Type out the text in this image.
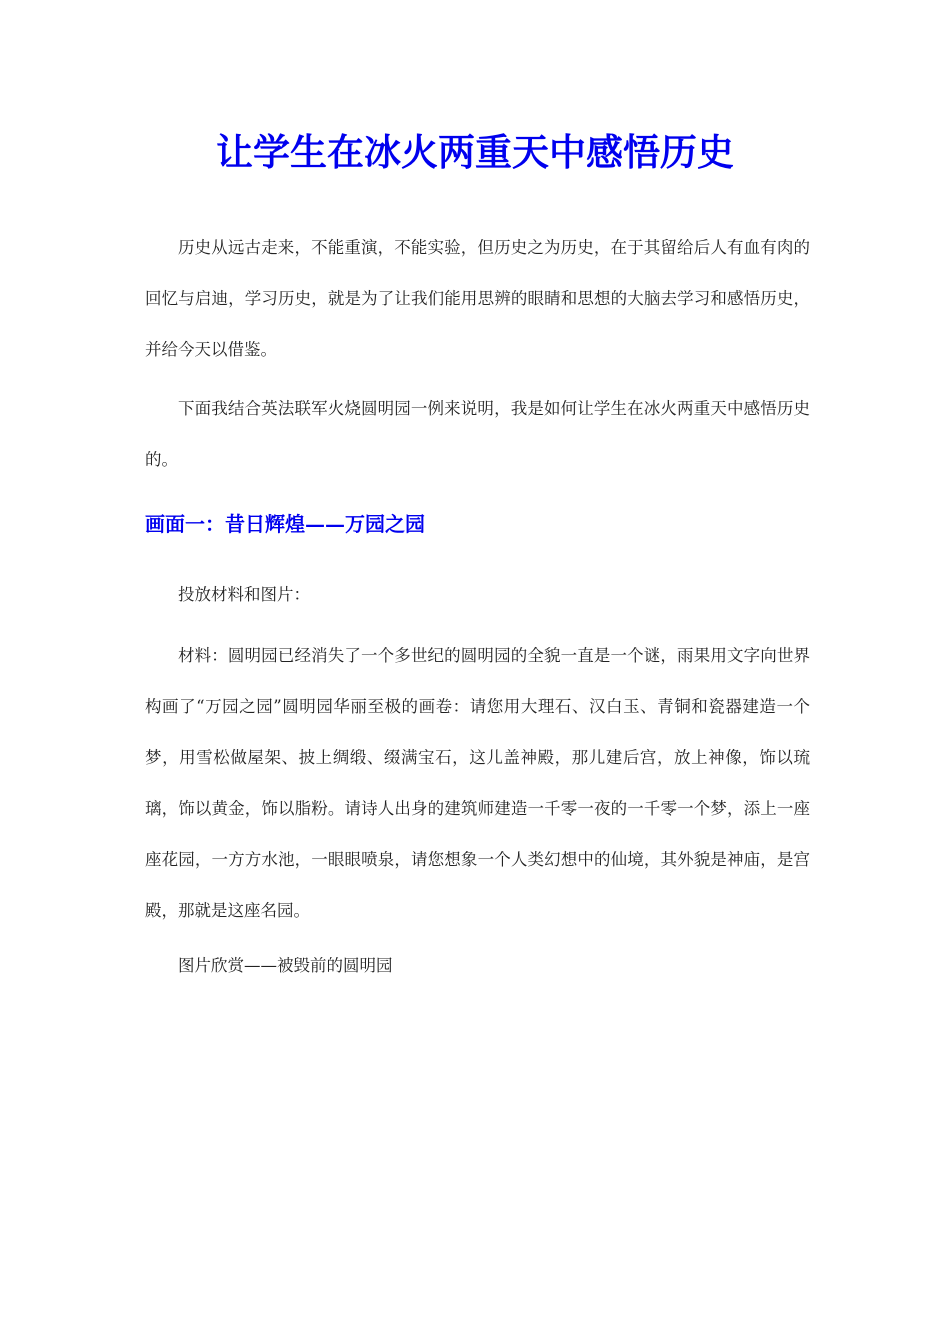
让学生在冰火两重天中感悟历史

历史从远古走来，不能重演，不能实验，但历史之为历史，在于其留给后人有血有肉的回忆与启迪，学习历史，就是为了让我们能用思辨的眼睛和思想的大脑去学习和感悟历史，并给今天以借鉴。

下面我结合英法联军火烧圆明园一例来说明，我是如何让学生在冰火两重天中感悟历史的。

画面一：昔日辉煌——万园之园

投放材料和图片：

材料：圆明园已经消失了一个多世纪的圆明园的全貌一直是一个谜，雨果用文字向世界构画了“万园之园”圆明园华丽至极的画卷：请您用大理石、汉白玉、青铜和瓷器建造一个梦，用雪松做屋架、披上绸缎、缀满宝石，这儿盖神殿，那儿建后宫，放上神像，饰以琉璃，饰以黄金，饰以脂粉。请诗人出身的建筑师建造一千零一夜的一千零一个梦，添上一座座花园，一方方水池，一眼眼喷泉，请您想象一个人类幻想中的仙境，其外貌是神庙，是宫殿，那就是这座名园。

图片欣赏——被毁前的圆明园
